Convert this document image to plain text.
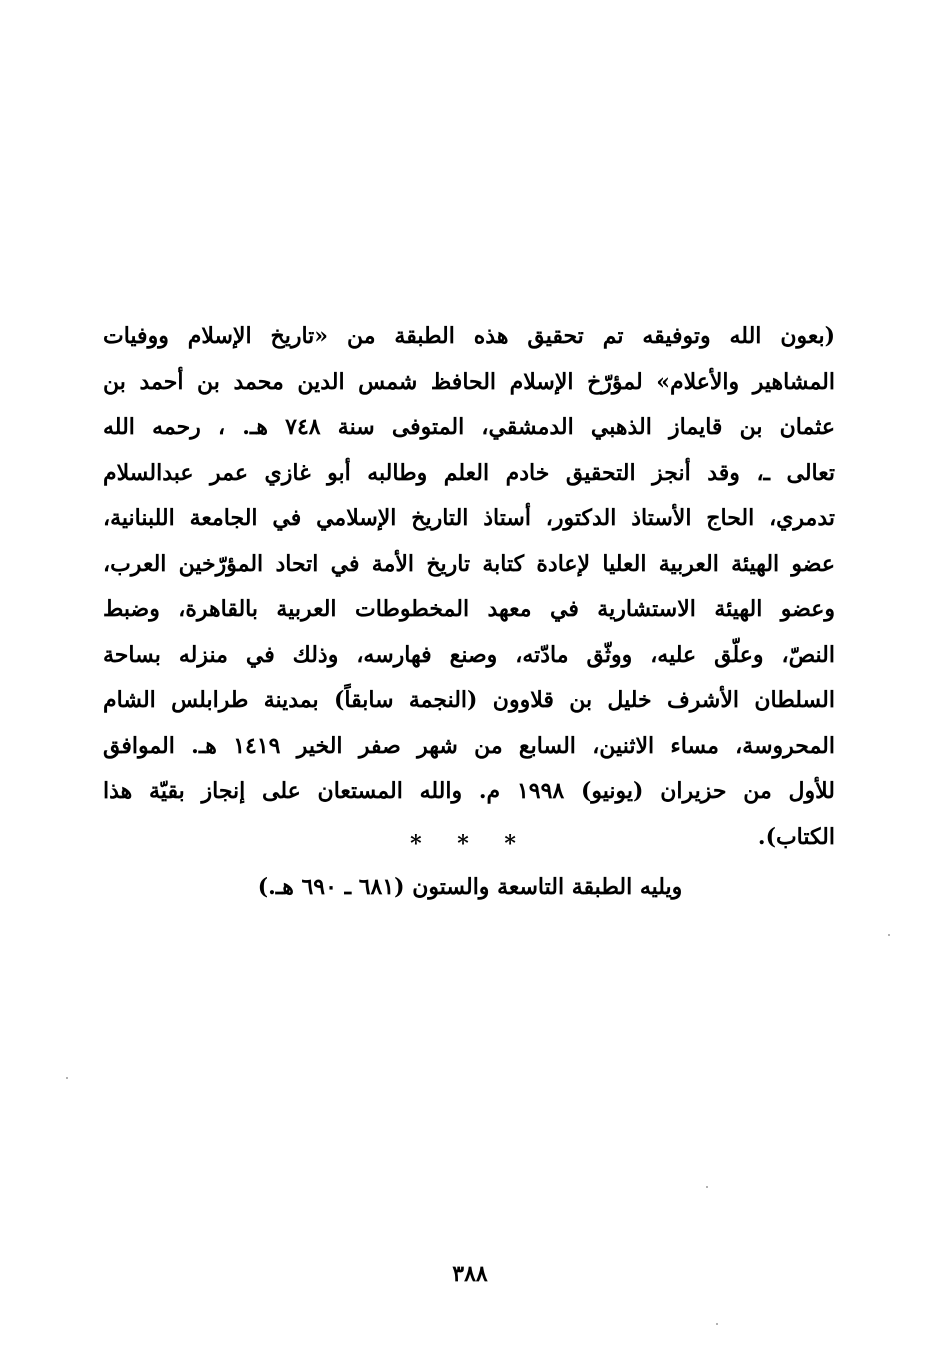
(بعون الله وتوفيقه تم تحقيق هذه الطبقة من «تاريخ الإسلام ووفيات
المشاهير والأعلام» لمؤرّخ الإسلام الحافظ شمس الدين محمد بن أحمد بن
عثمان بن قايماز الذهبي الدمشقي، المتوفى سنة ٧٤٨ هـ. ، رحمه الله
تعالى ـ، وقد أنجز التحقيق خادم العلم وطالبه أبو غازي عمر عبدالسلام
تدمري، الحاج الأستاذ الدكتور، أستاذ التاريخ الإسلامي في الجامعة اللبنانية،
عضو الهيئة العربية العليا لإعادة كتابة تاريخ الأمة في اتحاد المؤرّخين العرب،
وعضو الهيئة الاستشارية في معهد المخطوطات العربية بالقاهرة، وضبط
النصّ، وعلّق عليه، ووثّق مادّته، وصنع فهارسه، وذلك في منزله بساحة
السلطان الأشرف خليل بن قلاوون (النجمة سابقاً) بمدينة طرابلس الشام
المحروسة، مساء الاثنين، السابع من شهر صفر الخير ١٤١٩ هـ. الموافق
للأول من حزيران (يونيو) ١٩٩٨ م. والله المستعان على إنجاز بقيّة هذا
الكتاب).
* * *
ويليه الطبقة التاسعة والستون (٦٨١ ـ ٦٩٠ هـ.)
٣٨٨
